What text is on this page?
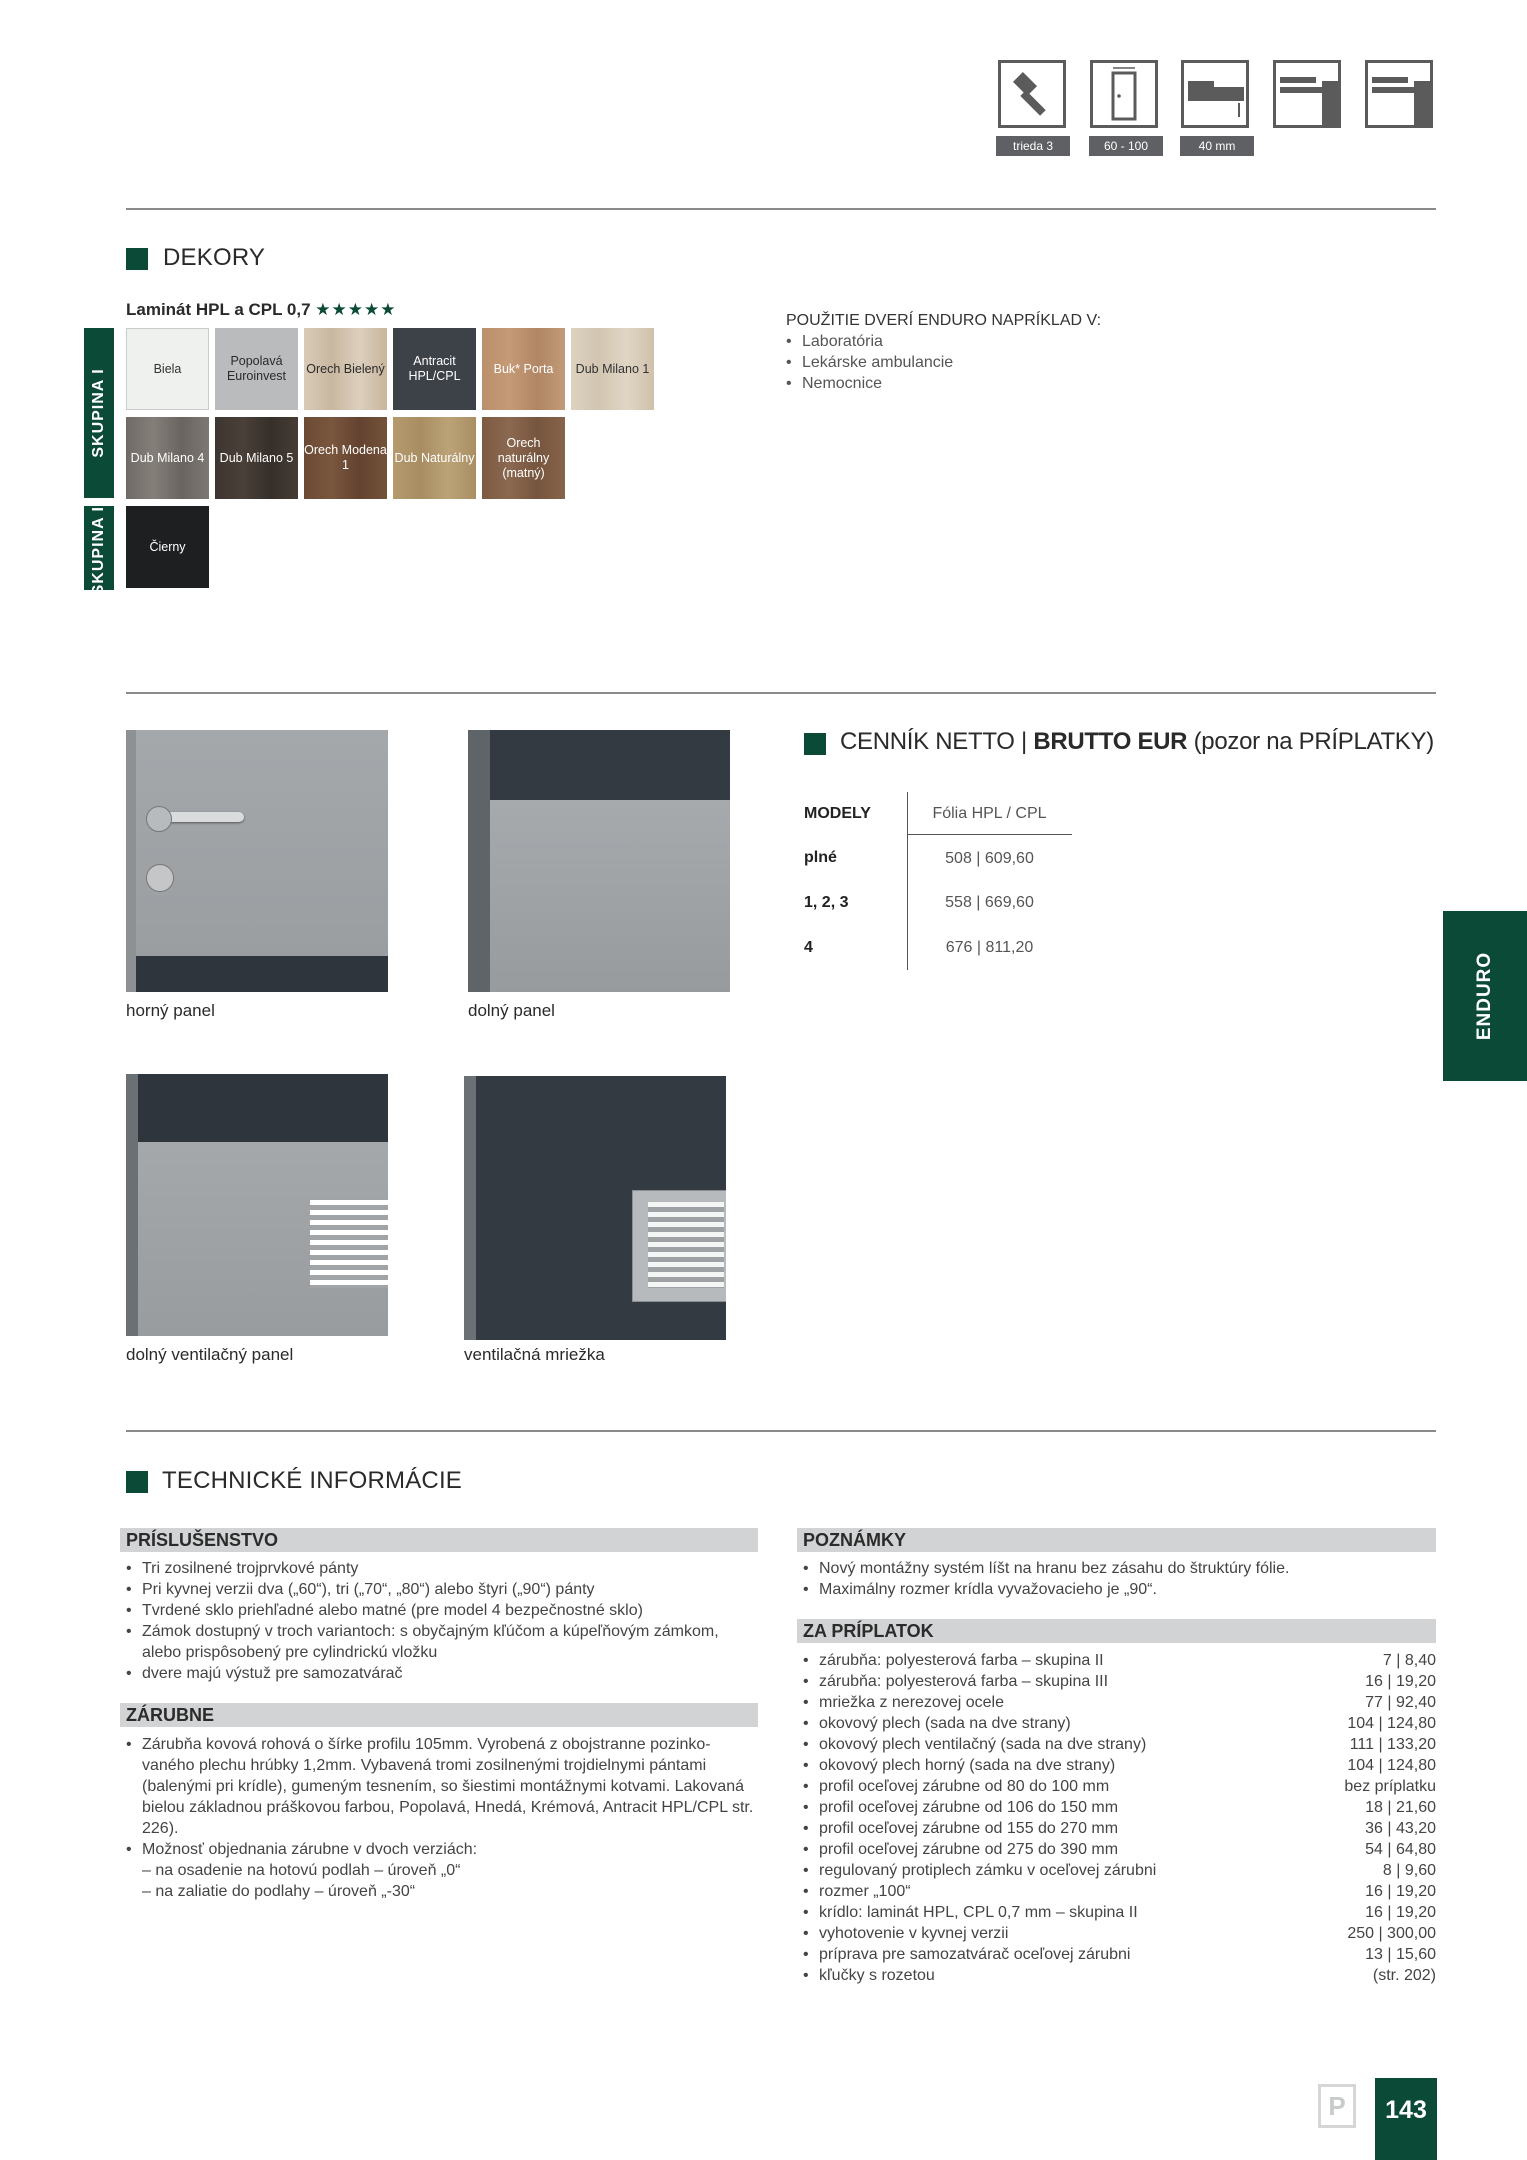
trieda 3	60 - 100	40 mm
DEKORY
Laminát HPL a CPL 0,7 ★★★★★
SKUPINA I
SKUPINA II
Biela
Popolavá Euroinvest
Orech Bielený
Antracit HPL/CPL
Buk* Porta Dub Milano 1
Dub Milano 4 Dub Milano 5
Orech Modena 1
Dub Naturálny
Orech naturálny (matný)
Čierny
POUŽITIE DVERÍ ENDURO NAPRÍKLAD V:
• Laboratória
• Lekárske ambulancie
• Nemocnice
horný panel	dolný panel
dolný ventilačný panel	ventilačná mriežka
CENNÍK NETTO | BRUTTO EUR (pozor na PRÍPLATKY)
MODELY	Fólia HPL / CPL
plné	508 | 609,60
1, 2, 3	558 | 669,60
4	676 | 811,20
ENDURO
TECHNICKÉ INFORMÁCIE
PRÍSLUŠENSTVO
• Tri zosilnené trojprvkové pánty
• Pri kyvnej verzii dva („60“), tri („70“, „80“) alebo štyri („90“) pánty
• Tvrdené sklo priehľadné alebo matné (pre model 4 bezpečnostné sklo)
• Zámok dostupný v troch variantoch: s obyčajným kľúčom a kúpeľňovým zámkom, alebo prispôsobený pre cylindrickú vložku
• dvere majú výstuž pre samozatvárač
ZÁRUBNE
• Zárubňa kovová rohová o šírke profilu 105mm. Vyrobená z obojstranne pozinko-vaného plechu hrúbky 1,2mm. Vybavená tromi zosilnenými trojdielnymi pántami (balenými pri krídle), gumeným tesnením, so šiestimi montážnymi kotvami. Lakovaná bielou základnou práškovou farbou, Popolavá, Hnedá, Krémová, Antracit HPL/CPL str. 226).
• Možnosť objednania zárubne v dvoch verziách:
– na osadenie na hotovú podlah – úroveň „0“
– na zaliatie do podlahy – úroveň „-30“
POZNÁMKY
• Nový montážny systém líšt na hranu bez zásahu do štruktúry fólie.
• Maximálny rozmer krídla vyvažovacieho je „90“.
ZA PRÍPLATOK
• zárubňa: polyesterová farba – skupina II	7 | 8,40
• zárubňa: polyesterová farba – skupina III	16 | 19,20
• mriežka z nerezovej ocele	77 | 92,40
• okovový plech (sada na dve strany)	104 | 124,80
• okovový plech ventilačný (sada na dve strany)	111 | 133,20
• okovový plech horný (sada na dve strany)	104 | 124,80
• profil oceľovej zárubne od 80 do 100 mm	bez príplatku
• profil oceľovej zárubne od 106 do 150 mm	18 | 21,60
• profil oceľovej zárubne od 155 do 270 mm	36 | 43,20
• profil oceľovej zárubne od 275 do 390 mm	54 | 64,80
• regulovaný protiplech zámku v oceľovej zárubni	8 | 9,60
• rozmer „100“	16 | 19,20
• krídlo: laminát HPL, CPL 0,7 mm – skupina II	16 | 19,20
• vyhotovenie v kyvnej verzii	250 | 300,00
• príprava pre samozatvárač oceľovej zárubni	13 | 15,60
• kľučky s rozetou	(str. 202)
P	143
